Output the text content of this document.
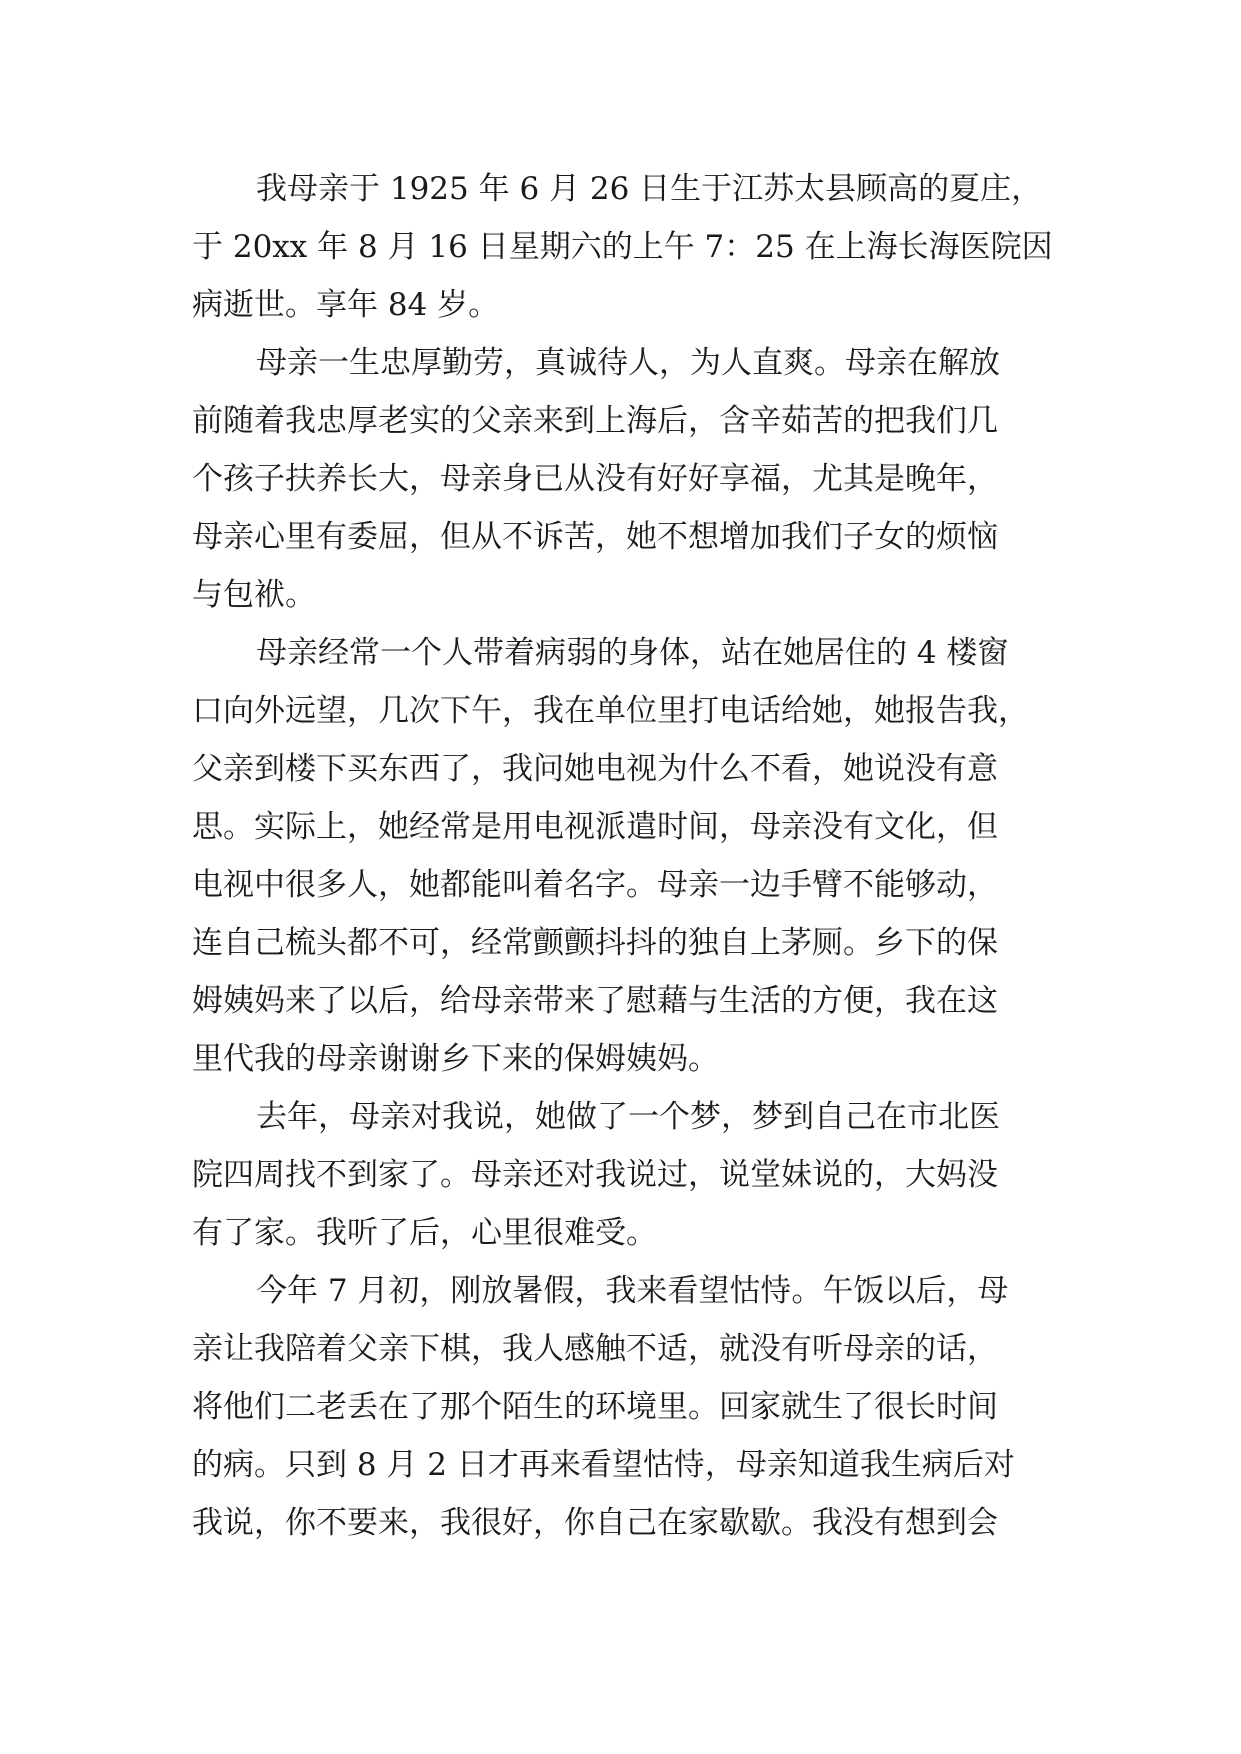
我母亲于 1925 年 6 月 26 日生于江苏太县顾高的夏庄，
于 20xx 年 8 月 16 日星期六的上午 7：25 在上海长海医院因
病逝世。享年 84 岁。
母亲一生忠厚勤劳，真诚待人，为人直爽。母亲在解放
前随着我忠厚老实的父亲来到上海后，含辛茹苦的把我们几
个孩子扶养长大，母亲身已从没有好好享福，尤其是晚年，
母亲心里有委屈，但从不诉苦，她不想增加我们子女的烦恼
与包袱。
母亲经常一个人带着病弱的身体，站在她居住的 4 楼窗
口向外远望，几次下午，我在单位里打电话给她，她报告我，
父亲到楼下买东西了，我问她电视为什么不看，她说没有意
思。实际上，她经常是用电视派遣时间，母亲没有文化，但
电视中很多人，她都能叫着名字。母亲一边手臂不能够动，
连自己梳头都不可，经常颤颤抖抖的独自上茅厕。乡下的保
姆姨妈来了以后，给母亲带来了慰藉与生活的方便，我在这
里代我的母亲谢谢乡下来的保姆姨妈。
去年，母亲对我说，她做了一个梦，梦到自己在市北医
院四周找不到家了。母亲还对我说过，说堂妹说的，大妈没
有了家。我听了后，心里很难受。
今年 7 月初，刚放暑假，我来看望怙恃。午饭以后，母
亲让我陪着父亲下棋，我人感触不适，就没有听母亲的话，
将他们二老丢在了那个陌生的环境里。回家就生了很长时间
的病。只到 8 月 2 日才再来看望怙恃，母亲知道我生病后对
我说，你不要来，我很好，你自己在家歇歇。我没有想到会
